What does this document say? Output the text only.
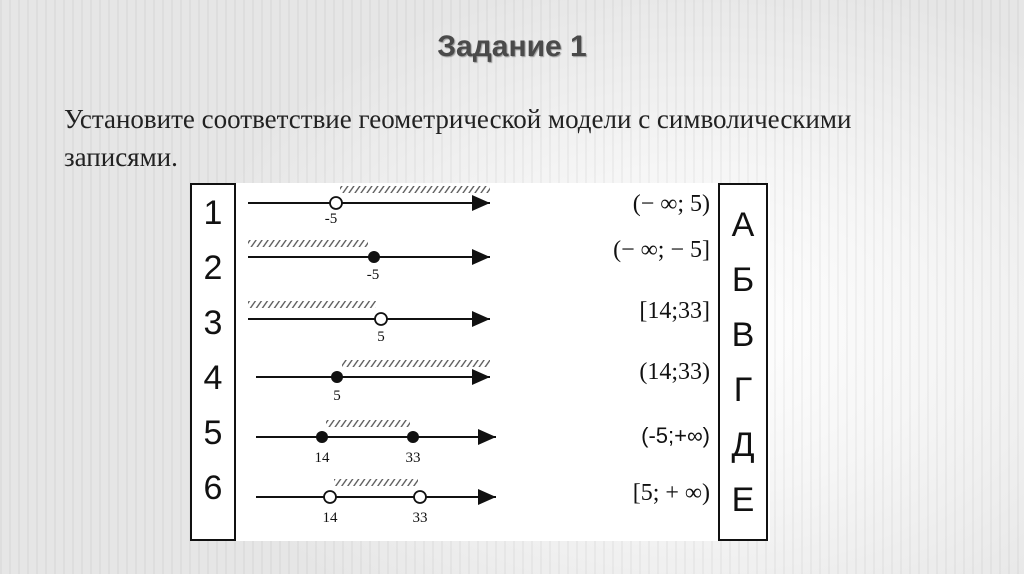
Задание 1
Установите соответствие геометрической модели с символическими записями.
1
2
3
4
5
6
-5
-5
5
5
14	33
14	33
(− ∞; 5)
(− ∞; − 5]
[14;33]
(14;33)
(-5;+∞)
[5; + ∞)
А
Б
В
Г
Д
Е
